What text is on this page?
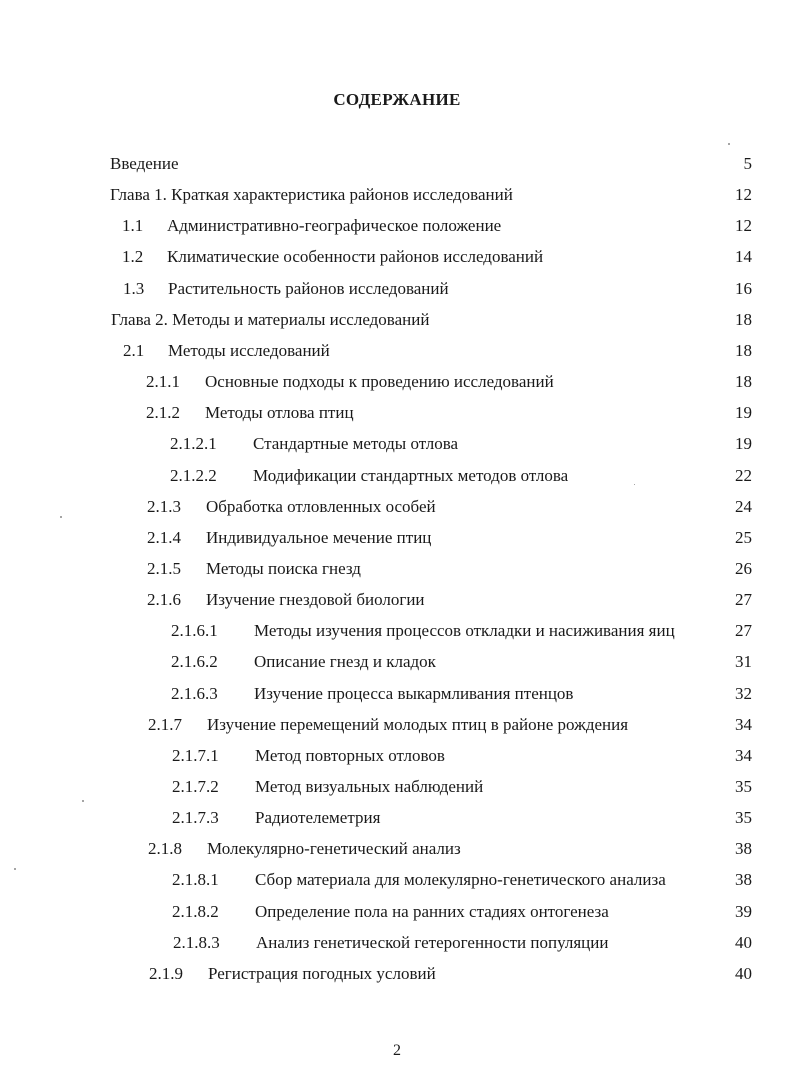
СОДЕРЖАНИЕ
Введение	5
Глава 1. Краткая характеристика районов исследований	12
1.1 Административно-географическое положение	12
1.2 Климатические особенности районов исследований	14
1.3 Растительность районов исследований	16
Глава 2. Методы и материалы исследований	18
2.1 Методы исследований	18
2.1.1 Основные подходы к проведению исследований	18
2.1.2 Методы отлова птиц	19
2.1.2.1 Стандартные методы отлова	19
2.1.2.2 Модификации стандартных методов отлова	22
2.1.3 Обработка отловленных особей	24
2.1.4 Индивидуальное мечение птиц	25
2.1.5 Методы поиска гнезд	26
2.1.6 Изучение гнездовой биологии	27
2.1.6.1 Методы изучения процессов откладки и насиживания яиц	27
2.1.6.2 Описание гнезд и кладок	31
2.1.6.3 Изучение процесса выкармливания птенцов	32
2.1.7 Изучение перемещений молодых птиц в районе рождения	34
2.1.7.1 Метод повторных отловов	34
2.1.7.2 Метод визуальных наблюдений	35
2.1.7.3 Радиотелеметрия	35
2.1.8 Молекулярно-генетический анализ	38
2.1.8.1 Сбор материала для молекулярно-генетического анализа	38
2.1.8.2 Определение пола на ранних стадиях онтогенеза	39
2.1.8.3 Анализ генетической гетерогенности популяции	40
2.1.9 Регистрация погодных условий	40
2
